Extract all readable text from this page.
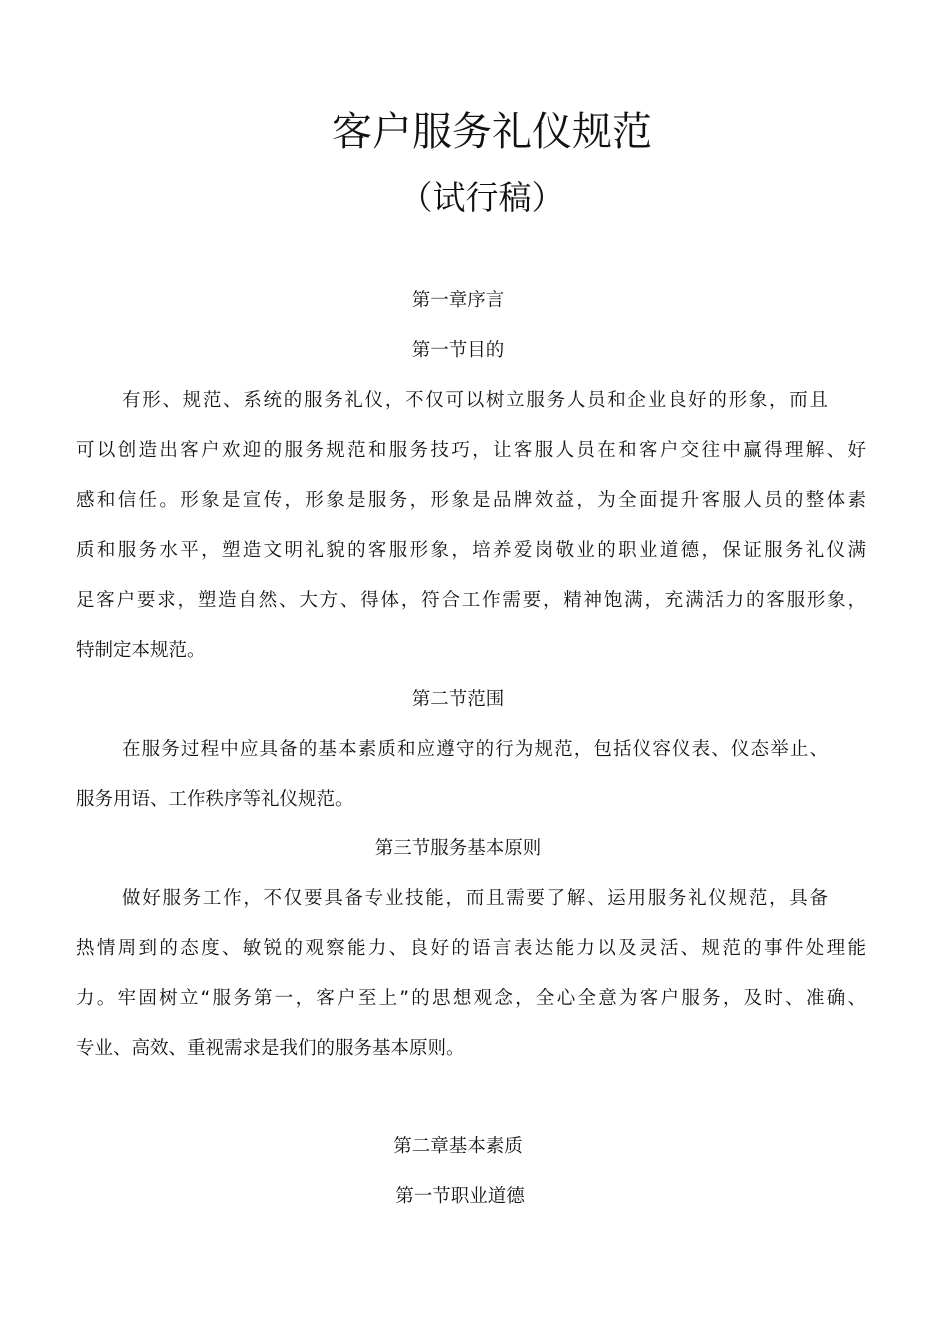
客户服务礼仪规范
（试行稿）
第一章序言
第一节目的
有形、规范、系统的服务礼仪，不仅可以树立服务人员和企业良好的形象，而且
可以创造出客户欢迎的服务规范和服务技巧，让客服人员在和客户交往中赢得理解、好
感和信任。形象是宣传，形象是服务，形象是品牌效益，为全面提升客服人员的整体素
质和服务水平，塑造文明礼貌的客服形象，培养爱岗敬业的职业道德，保证服务礼仪满
足客户要求，塑造自然、大方、得体，符合工作需要，精神饱满，充满活力的客服形象，
特制定本规范。
第二节范围
在服务过程中应具备的基本素质和应遵守的行为规范，包括仪容仪表、仪态举止、
服务用语、工作秩序等礼仪规范。
第三节服务基本原则
做好服务工作，不仅要具备专业技能，而且需要了解、运用服务礼仪规范，具备
热情周到的态度、敏锐的观察能力、良好的语言表达能力以及灵活、规范的事件处理能
力。牢固树立“服务第一，客户至上”的思想观念，全心全意为客户服务，及时、准确、
专业、高效、重视需求是我们的服务基本原则。
第二章基本素质
第一节职业道德
